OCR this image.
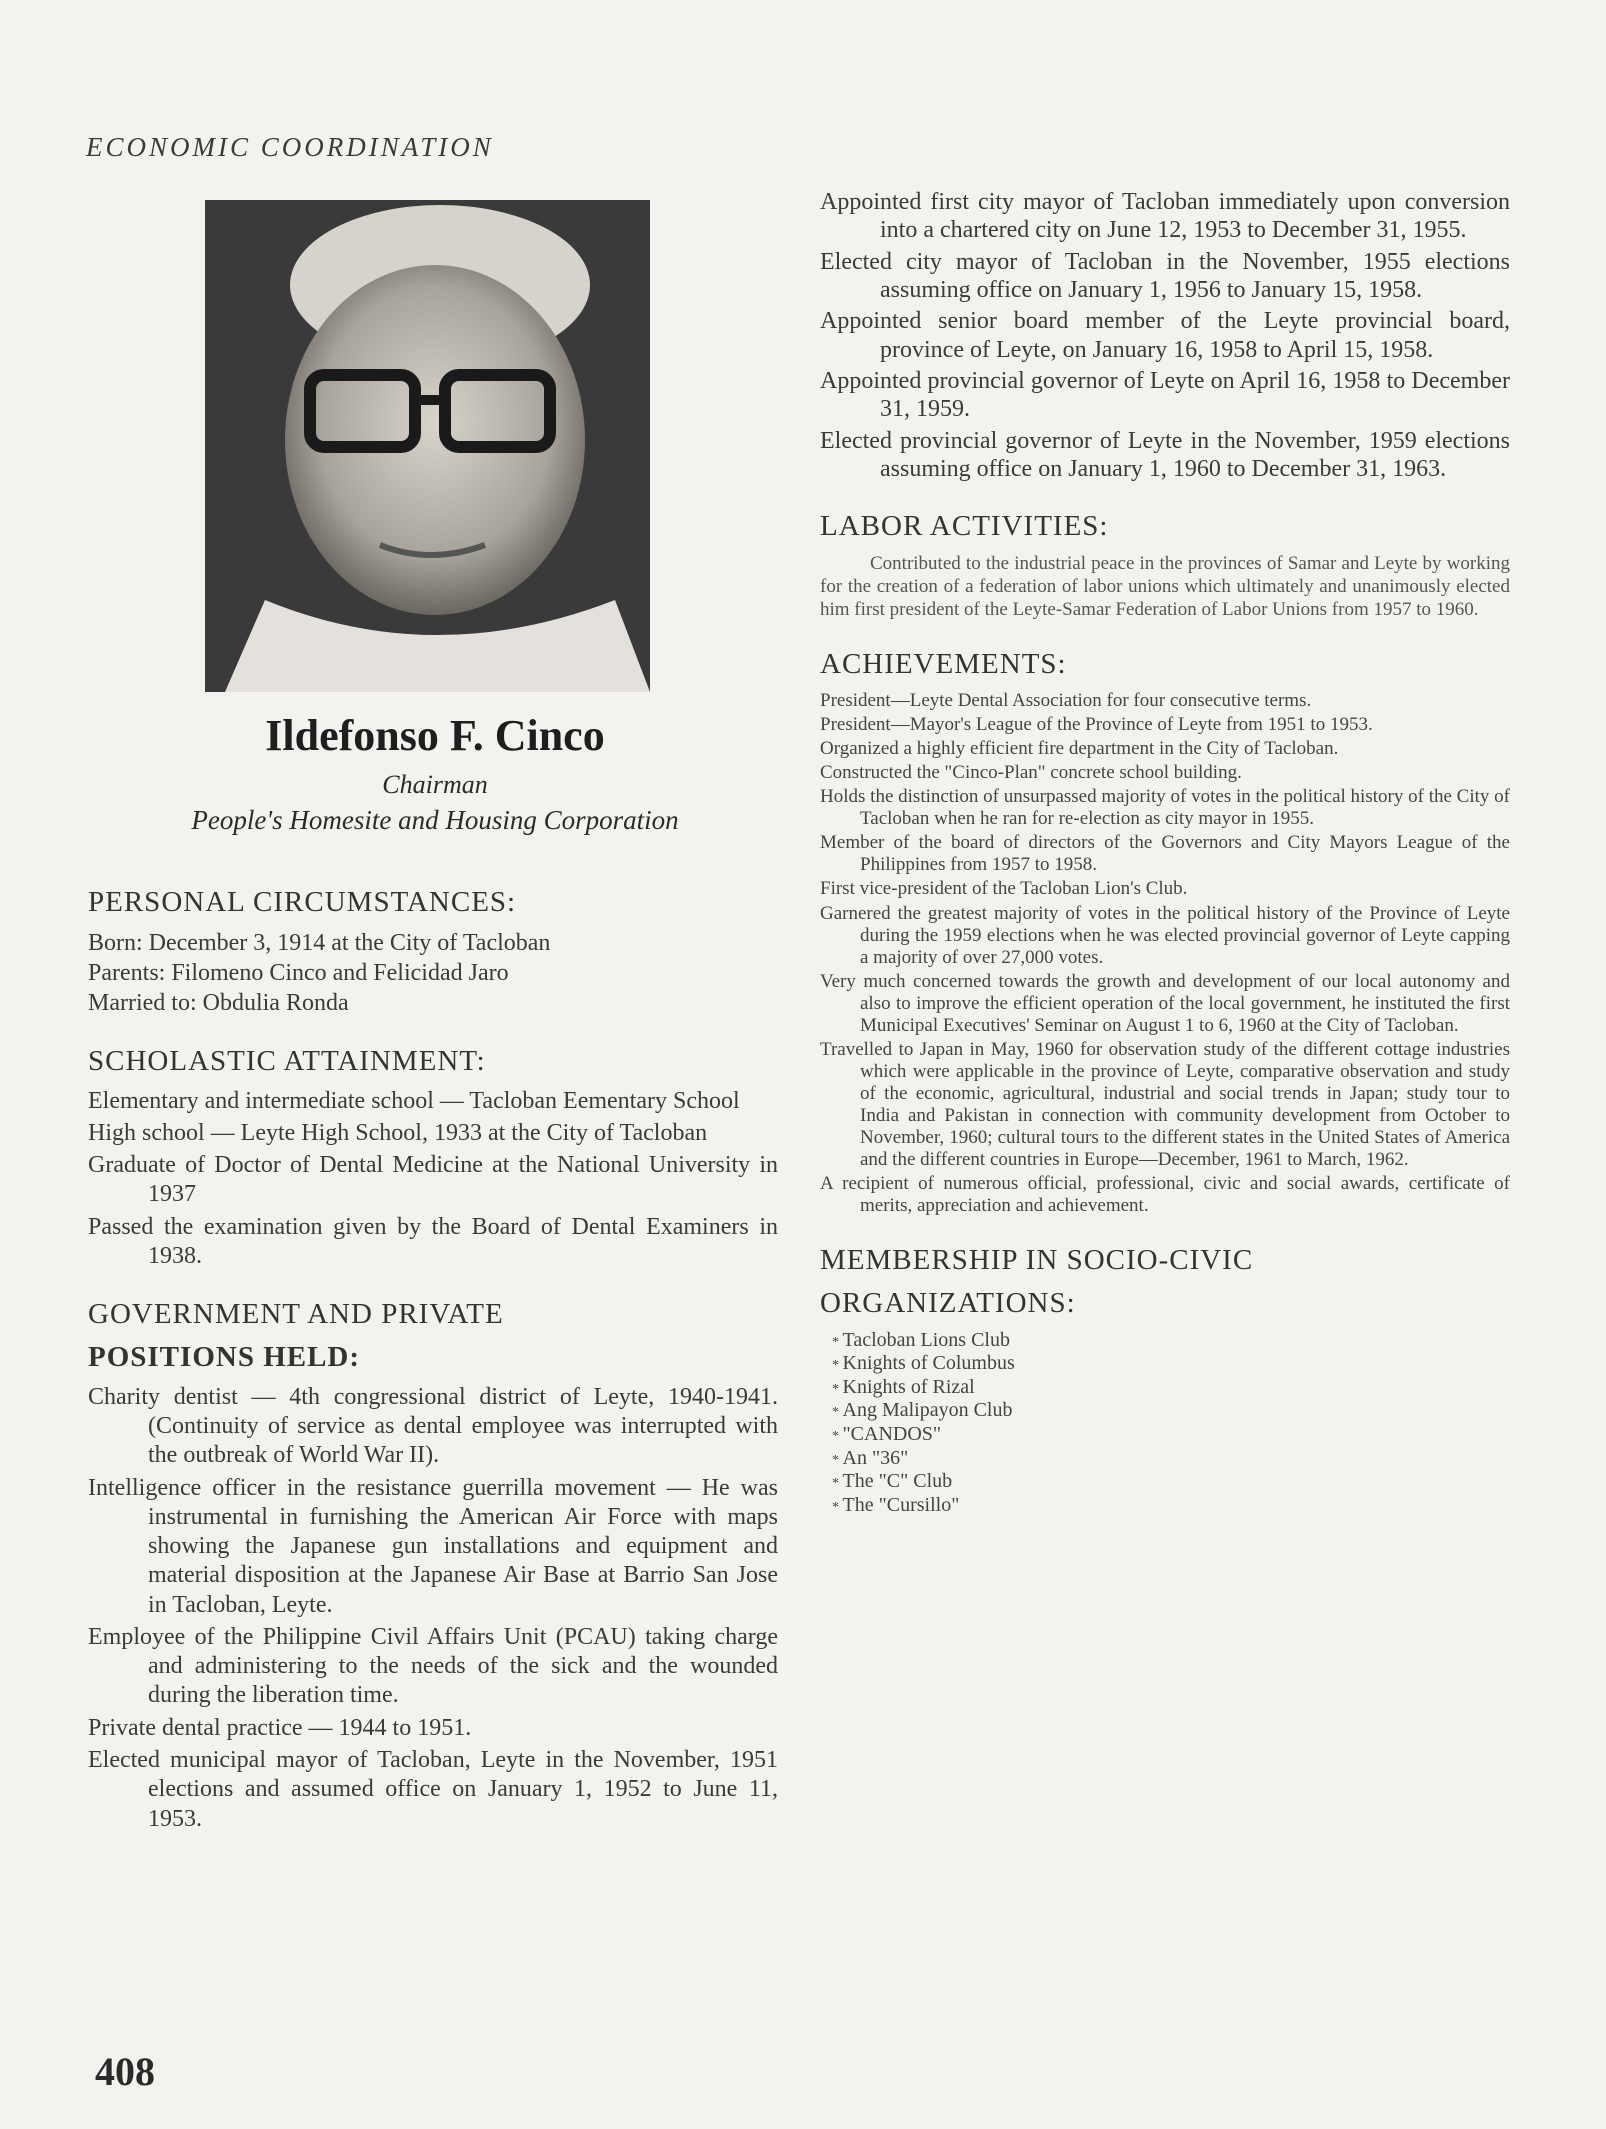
ECONOMIC COORDINATION
Ildefonso F. Cinco
Chairman
People's Homesite and Housing Corporation
PERSONAL CIRCUMSTANCES:

Born: December 3, 1914 at the City of Tacloban

Parents: Filomeno Cinco and Felicidad Jaro

Married to: Obdulia Ronda

SCHOLASTIC ATTAINMENT:

Elementary and intermediate school — Tacloban Eementary School

High school — Leyte High School, 1933 at the City of Tacloban

Graduate of Doctor of Dental Medicine at the National University in 1937

Passed the examination given by the Board of Dental Examiners in 1938.

GOVERNMENT AND PRIVATE
POSITIONS HELD:

Charity dentist — 4th congressional district of Leyte, 1940-1941. (Continuity of service as dental employee was interrupted with the outbreak of World War II).

Intelligence officer in the resistance guerrilla movement — He was instrumental in furnishing the American Air Force with maps showing the Japanese gun installations and equipment and material disposition at the Japanese Air Base at Barrio San Jose in Tacloban, Leyte.

Employee of the Philippine Civil Affairs Unit (PCAU) taking charge and administering to the needs of the sick and the wounded during the liberation time.

Private dental practice — 1944 to 1951.

Elected municipal mayor of Tacloban, Leyte in the November, 1951 elections and assumed office on January 1, 1952 to June 11, 1953.

Appointed first city mayor of Tacloban immediately upon conversion into a chartered city on June 12, 1953 to December 31, 1955.

Elected city mayor of Tacloban in the November, 1955 elections assuming office on January 1, 1956 to January 15, 1958.

Appointed senior board member of the Leyte provincial board, province of Leyte, on January 16, 1958 to April 15, 1958.

Appointed provincial governor of Leyte on April 16, 1958 to December 31, 1959.

Elected provincial governor of Leyte in the November, 1959 elections assuming office on January 1, 1960 to December 31, 1963.

LABOR ACTIVITIES:

Contributed to the industrial peace in the provinces of Samar and Leyte by working for the creation of a federation of labor unions which ultimately and unanimously elected him first president of the Leyte-Samar Federation of Labor Unions from 1957 to 1960.

ACHIEVEMENTS:

President—Leyte Dental Association for four consecutive terms.

President—Mayor's League of the Province of Leyte from 1951 to 1953.

Organized a highly efficient fire department in the City of Tacloban.

Constructed the "Cinco-Plan" concrete school building.

Holds the distinction of unsurpassed majority of votes in the political history of the City of Tacloban when he ran for re-election as city mayor in 1955.

Member of the board of directors of the Governors and City Mayors League of the Philippines from 1957 to 1958.

First vice-president of the Tacloban Lion's Club.

Garnered the greatest majority of votes in the political history of the Province of Leyte during the 1959 elections when he was elected provincial governor of Leyte capping a majority of over 27,000 votes.

Very much concerned towards the growth and development of our local autonomy and also to improve the efficient operation of the local government, he instituted the first Municipal Executives' Seminar on August 1 to 6, 1960 at the City of Tacloban.

Travelled to Japan in May, 1960 for observation study of the different cottage industries which were applicable in the province of Leyte, comparative observation and study of the economic, agricultural, industrial and social trends in Japan; study tour to India and Pakistan in connection with community development from October to November, 1960; cultural tours to the different states in the United States of America and the different countries in Europe—December, 1961 to March, 1962.

A recipient of numerous official, professional, civic and social awards, certificate of merits, appreciation and achievement.

MEMBERSHIP IN SOCIO-CIVIC
ORGANIZATIONS:
* Tacloban Lions Club
* Knights of Columbus
* Knights of Rizal
* Ang Malipayon Club
* "CANDOS"
* An "36"
* The "C" Club
* The "Cursillo"
408
